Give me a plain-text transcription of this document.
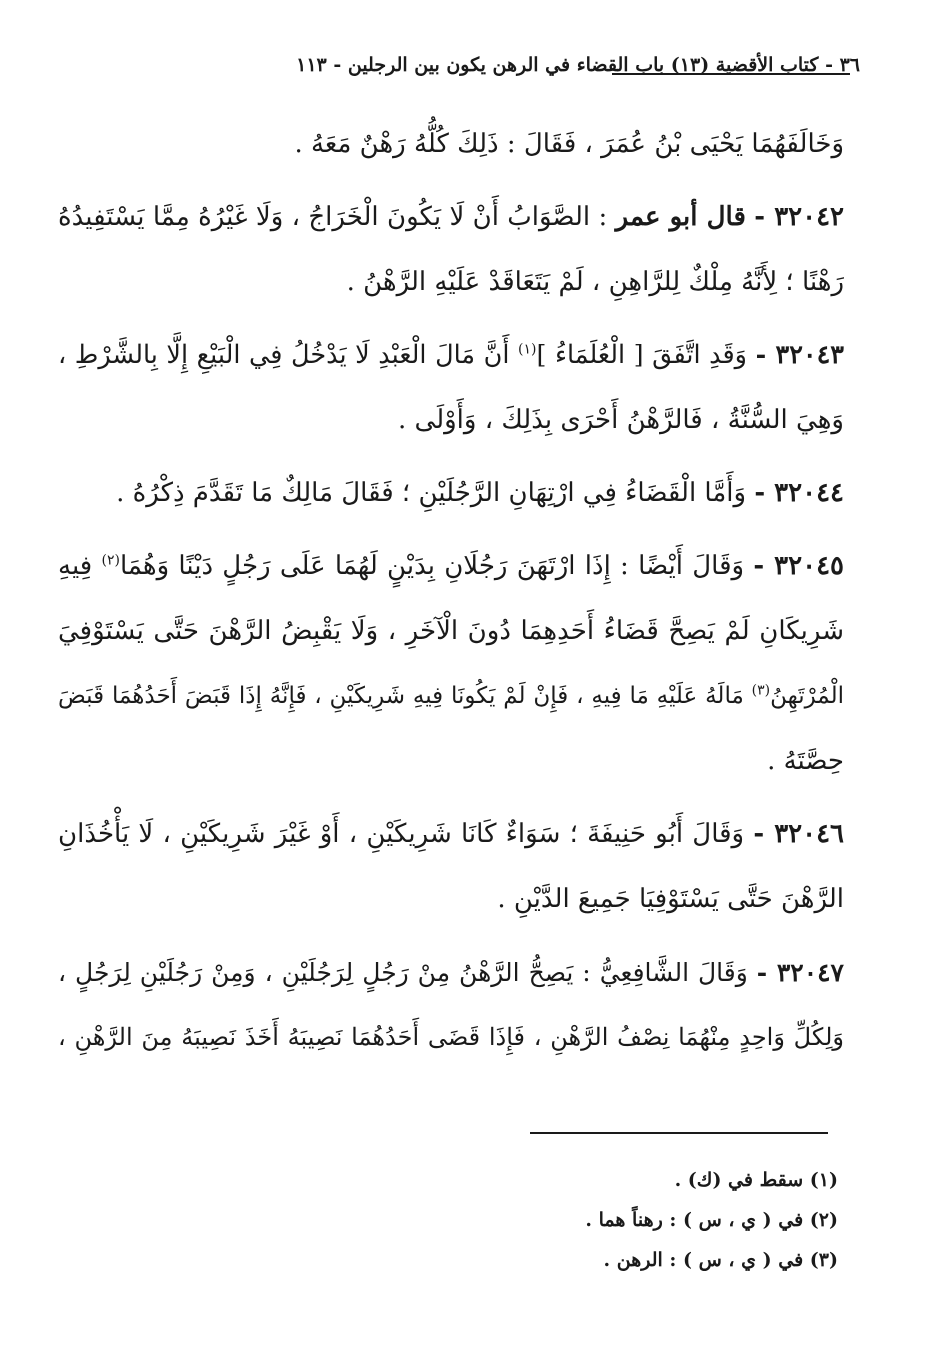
٣٦ - كتاب الأقضية (١٣) باب القضاء في الرهن يكون بين الرجلين - ١١٣
وَخَالَفَهُمَا يَحْيَى بْنُ عُمَرَ ، فَقَالَ : ذَلِكَ كُلُّهُ رَهْنٌ مَعَهُ .
٣٢٠٤٢ - قال أبو عمر : الصَّوَابُ أَنْ لَا يَكُونَ الْخَرَاجُ ، وَلَا غَيْرُهُ مِمَّا يَسْتَفِيدُهُ
رَهْنًا ؛ لِأَنَّهُ مِلْكٌ لِلرَّاهِنِ ، لَمْ يَتَعَاقَدْ عَلَيْهِ الرَّهْنُ .
٣٢٠٤٣ - وَقَدِ اتَّفَقَ [ الْعُلَمَاءُ ]$^{(١)}$ أَنَّ مَالَ الْعَبْدِ لَا يَدْخُلُ فِي الْبَيْعِ إِلَّا بِالشَّرْطِ ،
وَهِيَ السُّنَّةُ ، فَالرَّهْنُ أَحْرَى بِذَلِكَ ، وَأَوْلَى .
٣٢٠٤٤ - وَأَمَّا الْقَضَاءُ فِي ارْتِهَانِ الرَّجُلَيْنِ ؛ فَقَالَ مَالِكٌ مَا تَقَدَّمَ ذِكْرُهُ .
٣٢٠٤٥ - وَقَالَ أَيْضًا : إِذَا ارْتَهَنَ رَجُلَانِ بِدَيْنٍ لَهُمَا عَلَى رَجُلٍ دَيْنًا وَهُمَا$^{(٢)}$ فِيهِ
شَرِيكَانِ لَمْ يَصِحَّ قَضَاءُ أَحَدِهِمَا دُونَ الْآخَرِ ، وَلَا يَقْبِضُ الرَّهْنَ حَتَّى يَسْتَوْفِيَ
الْمُرْتَهِنُ$^{(٣)}$ مَالَهُ عَلَيْهِ مَا فِيهِ ، فَإِنْ لَمْ يَكُونَا فِيهِ شَرِيكَيْنِ ، فَإِنَّهُ إِذَا قَبَضَ أَحَدُهُمَا قَبَضَ
حِصَّتَهُ .
٣٢٠٤٦ - وَقَالَ أَبُو حَنِيفَةَ ؛ سَوَاءٌ كَانَا شَرِيكَيْنِ ، أَوْ غَيْرَ شَرِيكَيْنِ ، لَا يَأْخُذَانِ
الرَّهْنَ حَتَّى يَسْتَوْفِيَا جَمِيعَ الدَّيْنِ .
٣٢٠٤٧ - وَقَالَ الشَّافِعِيُّ : يَصِحُّ الرَّهْنُ مِنْ رَجُلٍ لِرَجُلَيْنِ ، وَمِنْ رَجُلَيْنِ لِرَجُلٍ ،
وَلِكُلِّ وَاحِدٍ مِنْهُمَا نِصْفُ الرَّهْنِ ، فَإِذَا قَضَى أَحَدُهُمَا نَصِيبَهُ أَخَذَ نَصِيبَهُ مِنَ الرَّهْنِ ،
(١) سقط في (ك) .
(٢) في ( ي ، س ) : رهناً هما .
(٣) في ( ي ، س ) : الرهن .
